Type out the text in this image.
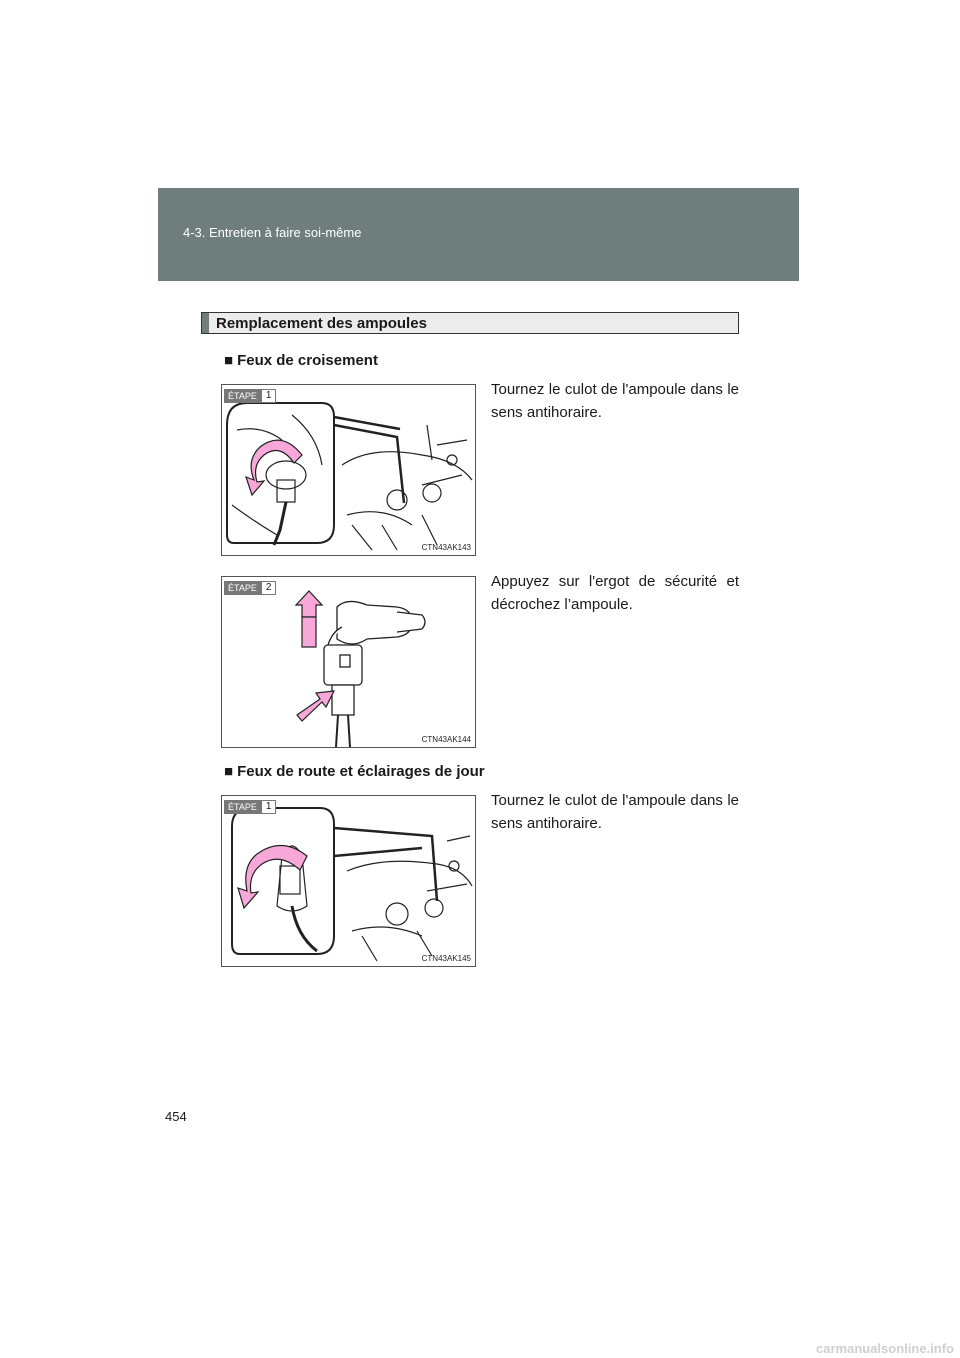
4-3. Entretien à faire soi-même
Remplacement des ampoules
■ Feux de croisement
ÉTAPE 1
CTN43AK143
Tournez le culot de l'ampoule dans le sens antihoraire.
ÉTAPE 2
CTN43AK144
Appuyez sur l'ergot de sécurité et décrochez l’ampoule.
■ Feux de route et éclairages de jour
ÉTAPE 1
CTN43AK145
Tournez le culot de l'ampoule dans le sens antihoraire.
454
carmanualsonline.info
